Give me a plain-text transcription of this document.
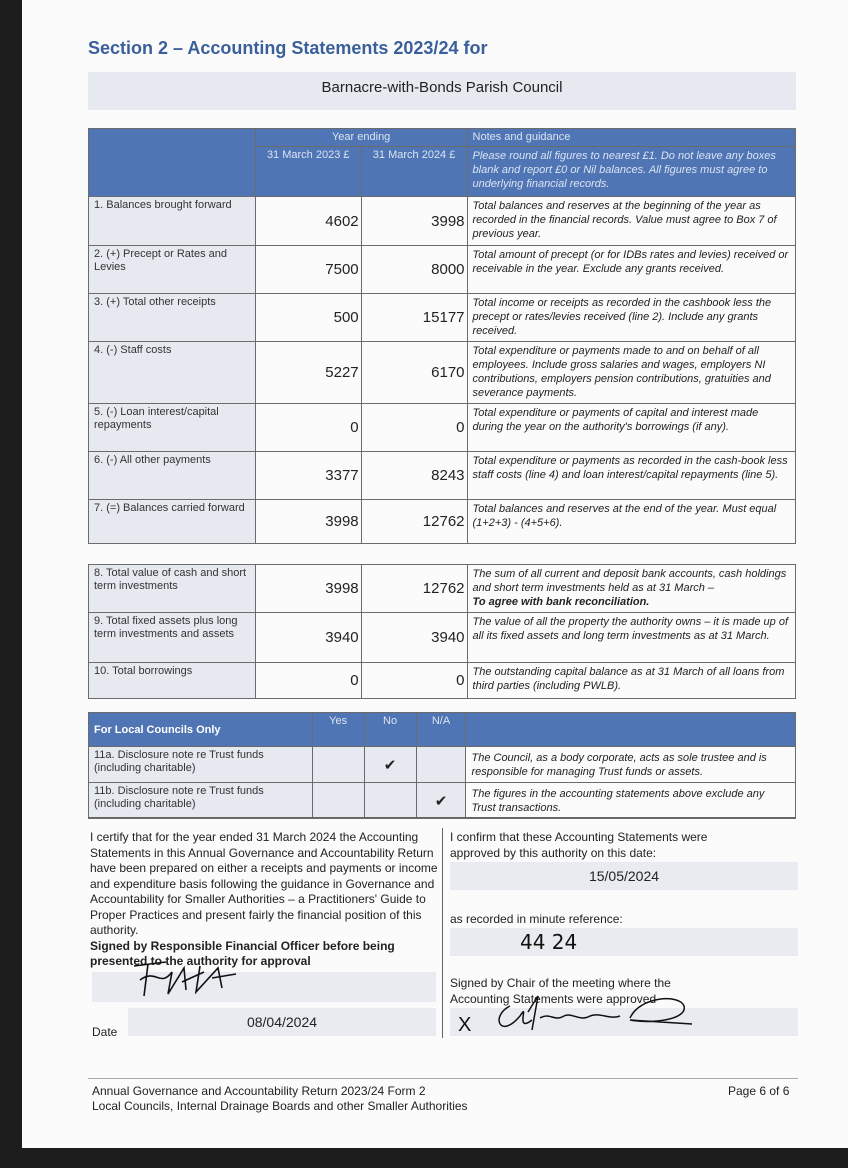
Section 2 – Accounting Statements 2023/24 for
Barnacre-with-Bonds Parish Council
	Year ending		Notes and guidance
	31 March 2023 £	31 March 2024 £	Please round all figures to nearest £1. Do not leave any boxes blank and report £0 or Nil balances. All figures must agree to underlying financial records.
1. Balances brought forward	4602	3998	Total balances and reserves at the beginning of the year as recorded in the financial records. Value must agree to Box 7 of previous year.
2. (+) Precept or Rates and Levies	7500	8000	Total amount of precept (or for IDBs rates and levies) received or receivable in the year. Exclude any grants received.
3. (+) Total other receipts	500	15177	Total income or receipts as recorded in the cashbook less the precept or rates/levies received (line 2). Include any grants received.
4. (-) Staff costs	5227	6170	Total expenditure or payments made to and on behalf of all employees. Include gross salaries and wages, employers NI contributions, employers pension contributions, gratuities and severance payments.
5. (-) Loan interest/capital repayments	0	0	Total expenditure or payments of capital and interest made during the year on the authority's borrowings (if any).
6. (-) All other payments	3377	8243	Total expenditure or payments as recorded in the cash-book less staff costs (line 4) and loan interest/capital repayments (line 5).
7. (=) Balances carried forward	3998	12762	Total balances and reserves at the end of the year. Must equal (1+2+3) - (4+5+6).
8. Total value of cash and short term investments	3998	12762	The sum of all current and deposit bank accounts, cash holdings and short term investments held as at 31 March –
To agree with bank reconciliation.

9. Total fixed assets plus long term investments and assets	3940	3940	The value of all the property the authority owns – it is made up of all its fixed assets and long term investments as at 31 March.
10. Total borrowings	0	0	The outstanding capital balance as at 31 March of all loans from third parties (including PWLB).
For Local Councils Only	Yes	No	N/A	
11a. Disclosure note re Trust funds (including charitable)		✔		The Council, as a body corporate, acts as sole trustee and is responsible for managing Trust funds or assets.
11b. Disclosure note re Trust funds (including charitable)			✔	The figures in the accounting statements above exclude any Trust transactions.
I certify that for the year ended 31 March 2024 the Accounting Statements in this Annual Governance and Accountability Return have been prepared on either a receipts and payments or income and expenditure basis following the guidance in Governance and Accountability for Smaller Authorities – a Practitioners' Guide to Proper Practices and present fairly the financial position of this authority.
Signed by Responsible Financial Officer before being presented to the authority for approval
Date
08/04/2024
I confirm that these Accounting Statements were approved by this authority on this date:
15/05/2024
as recorded in minute reference:
44 24
Signed by Chair of the meeting where the Accounting Statements were approved
X
Annual Governance and Accountability Return 2023/24 Form 2
Local Councils, Internal Drainage Boards and other Smaller Authorities
Page 6 of 6
